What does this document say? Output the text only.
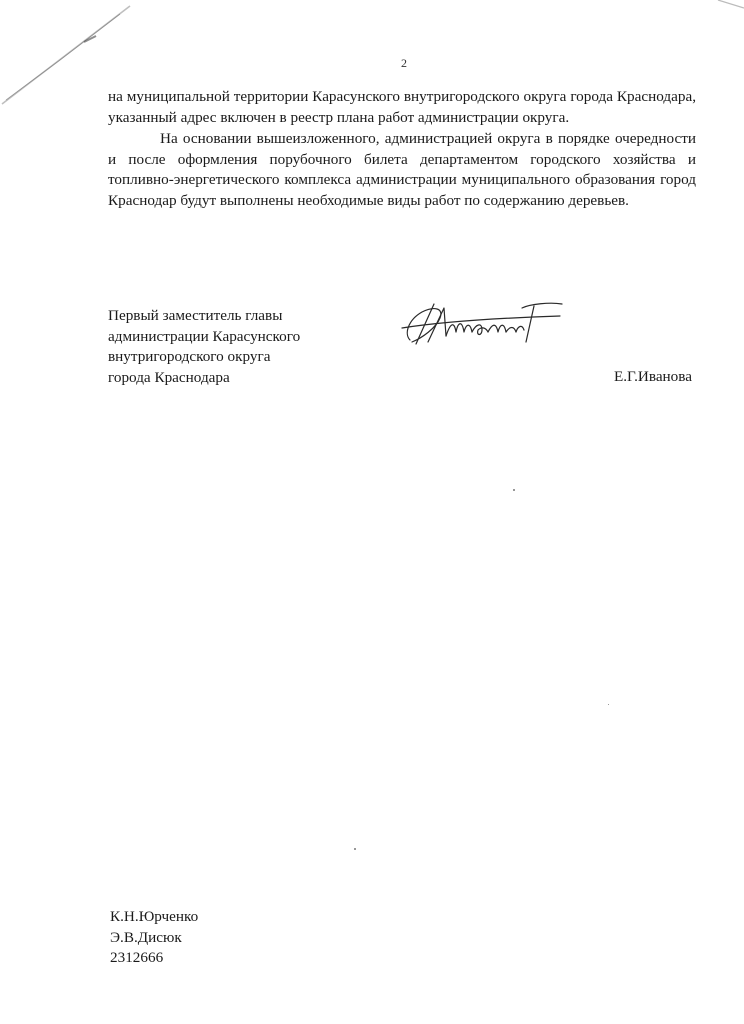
2

на муниципальной территории Карасунского внутригородского округа города Краснодара, указанный адрес включен в реестр плана работ администрации округа.

На основании вышеизложенного, администрацией округа в порядке очередности и после оформления порубочного билета департаментом городского хозяйства и топливно-энергетического комплекса администрации муниципального образования город Краснодар будут выполнены необходимые виды работ по содержанию деревьев.

Первый заместитель главы
администрации Карасунского
внутригородского округа
города Краснодара	Е.Г.Иванова
К.Н.Юрченко
Э.В.Дисюк
2312666
